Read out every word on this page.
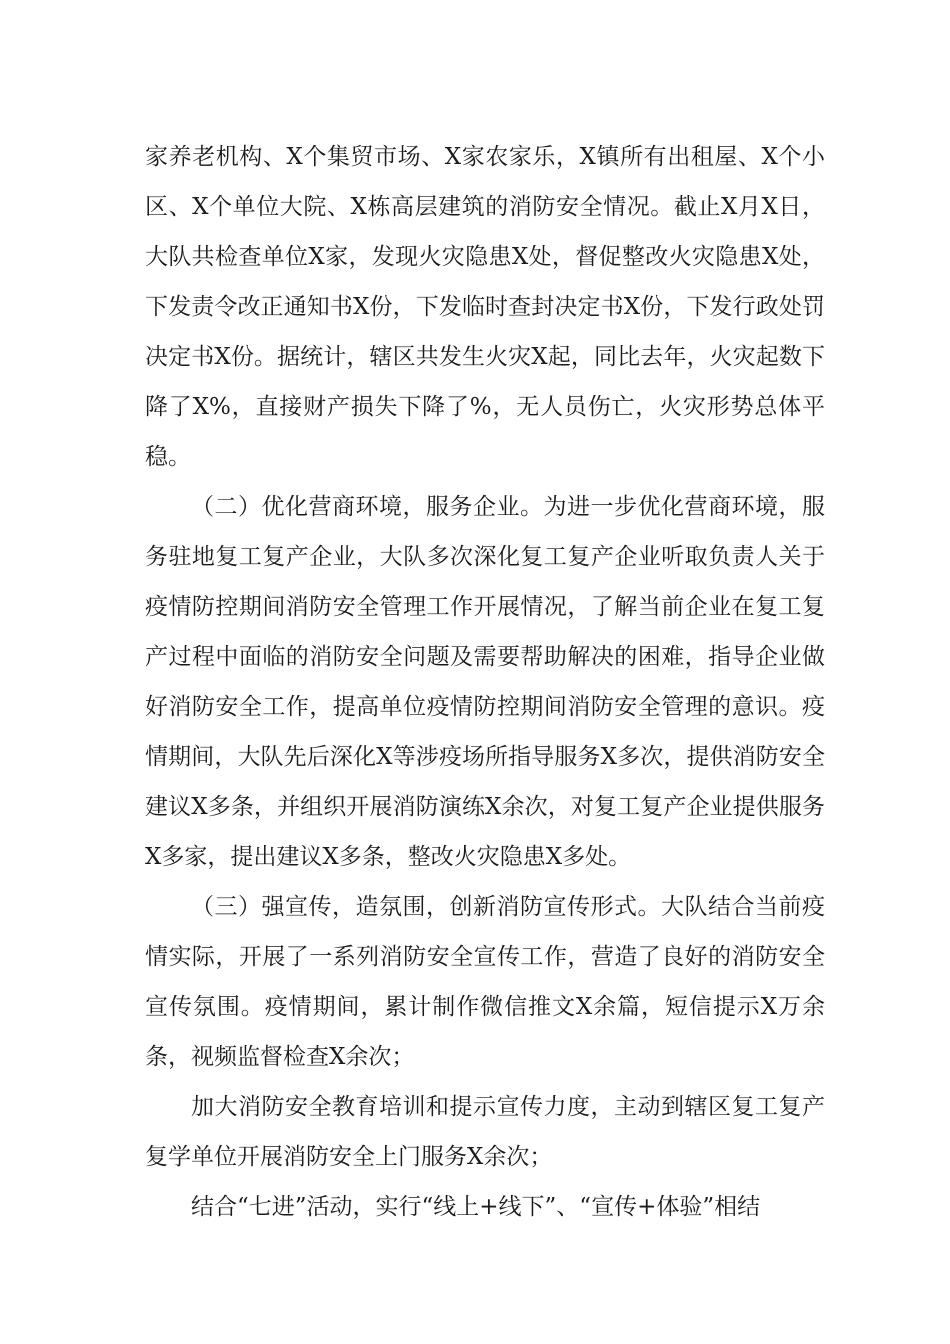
家养老机构、X个集贸市场、X家农家乐，X镇所有出租屋、X个小区、X个单位大院、X栋高层建筑的消防安全情况。截止X月X日，大队共检查单位X家，发现火灾隐患X处，督促整改火灾隐患X处，下发责令改正通知书X份，下发临时查封决定书X份，下发行政处罚决定书X份。据统计，辖区共发生火灾X起，同比去年，火灾起数下降了X%，直接财产损失下降了%，无人员伤亡，火灾形势总体平稳。

（二）优化营商环境，服务企业。为进一步优化营商环境，服务驻地复工复产企业，大队多次深化复工复产企业听取负责人关于疫情防控期间消防安全管理工作开展情况，了解当前企业在复工复产过程中面临的消防安全问题及需要帮助解决的困难，指导企业做好消防安全工作，提高单位疫情防控期间消防安全管理的意识。疫情期间，大队先后深化X等涉疫场所指导服务X多次，提供消防安全建议X多条，并组织开展消防演练X余次，对复工复产企业提供服务X多家，提出建议X多条，整改火灾隐患X多处。

（三）强宣传，造氛围，创新消防宣传形式。大队结合当前疫情实际，开展了一系列消防安全宣传工作，营造了良好的消防安全宣传氛围。疫情期间，累计制作微信推文X余篇，短信提示X万余条，视频监督检查X余次；

加大消防安全教育培训和提示宣传力度，主动到辖区复工复产复学单位开展消防安全上门服务X余次；

结合“七进”活动，实行“线上+线下”、“宣传+体验”相结
